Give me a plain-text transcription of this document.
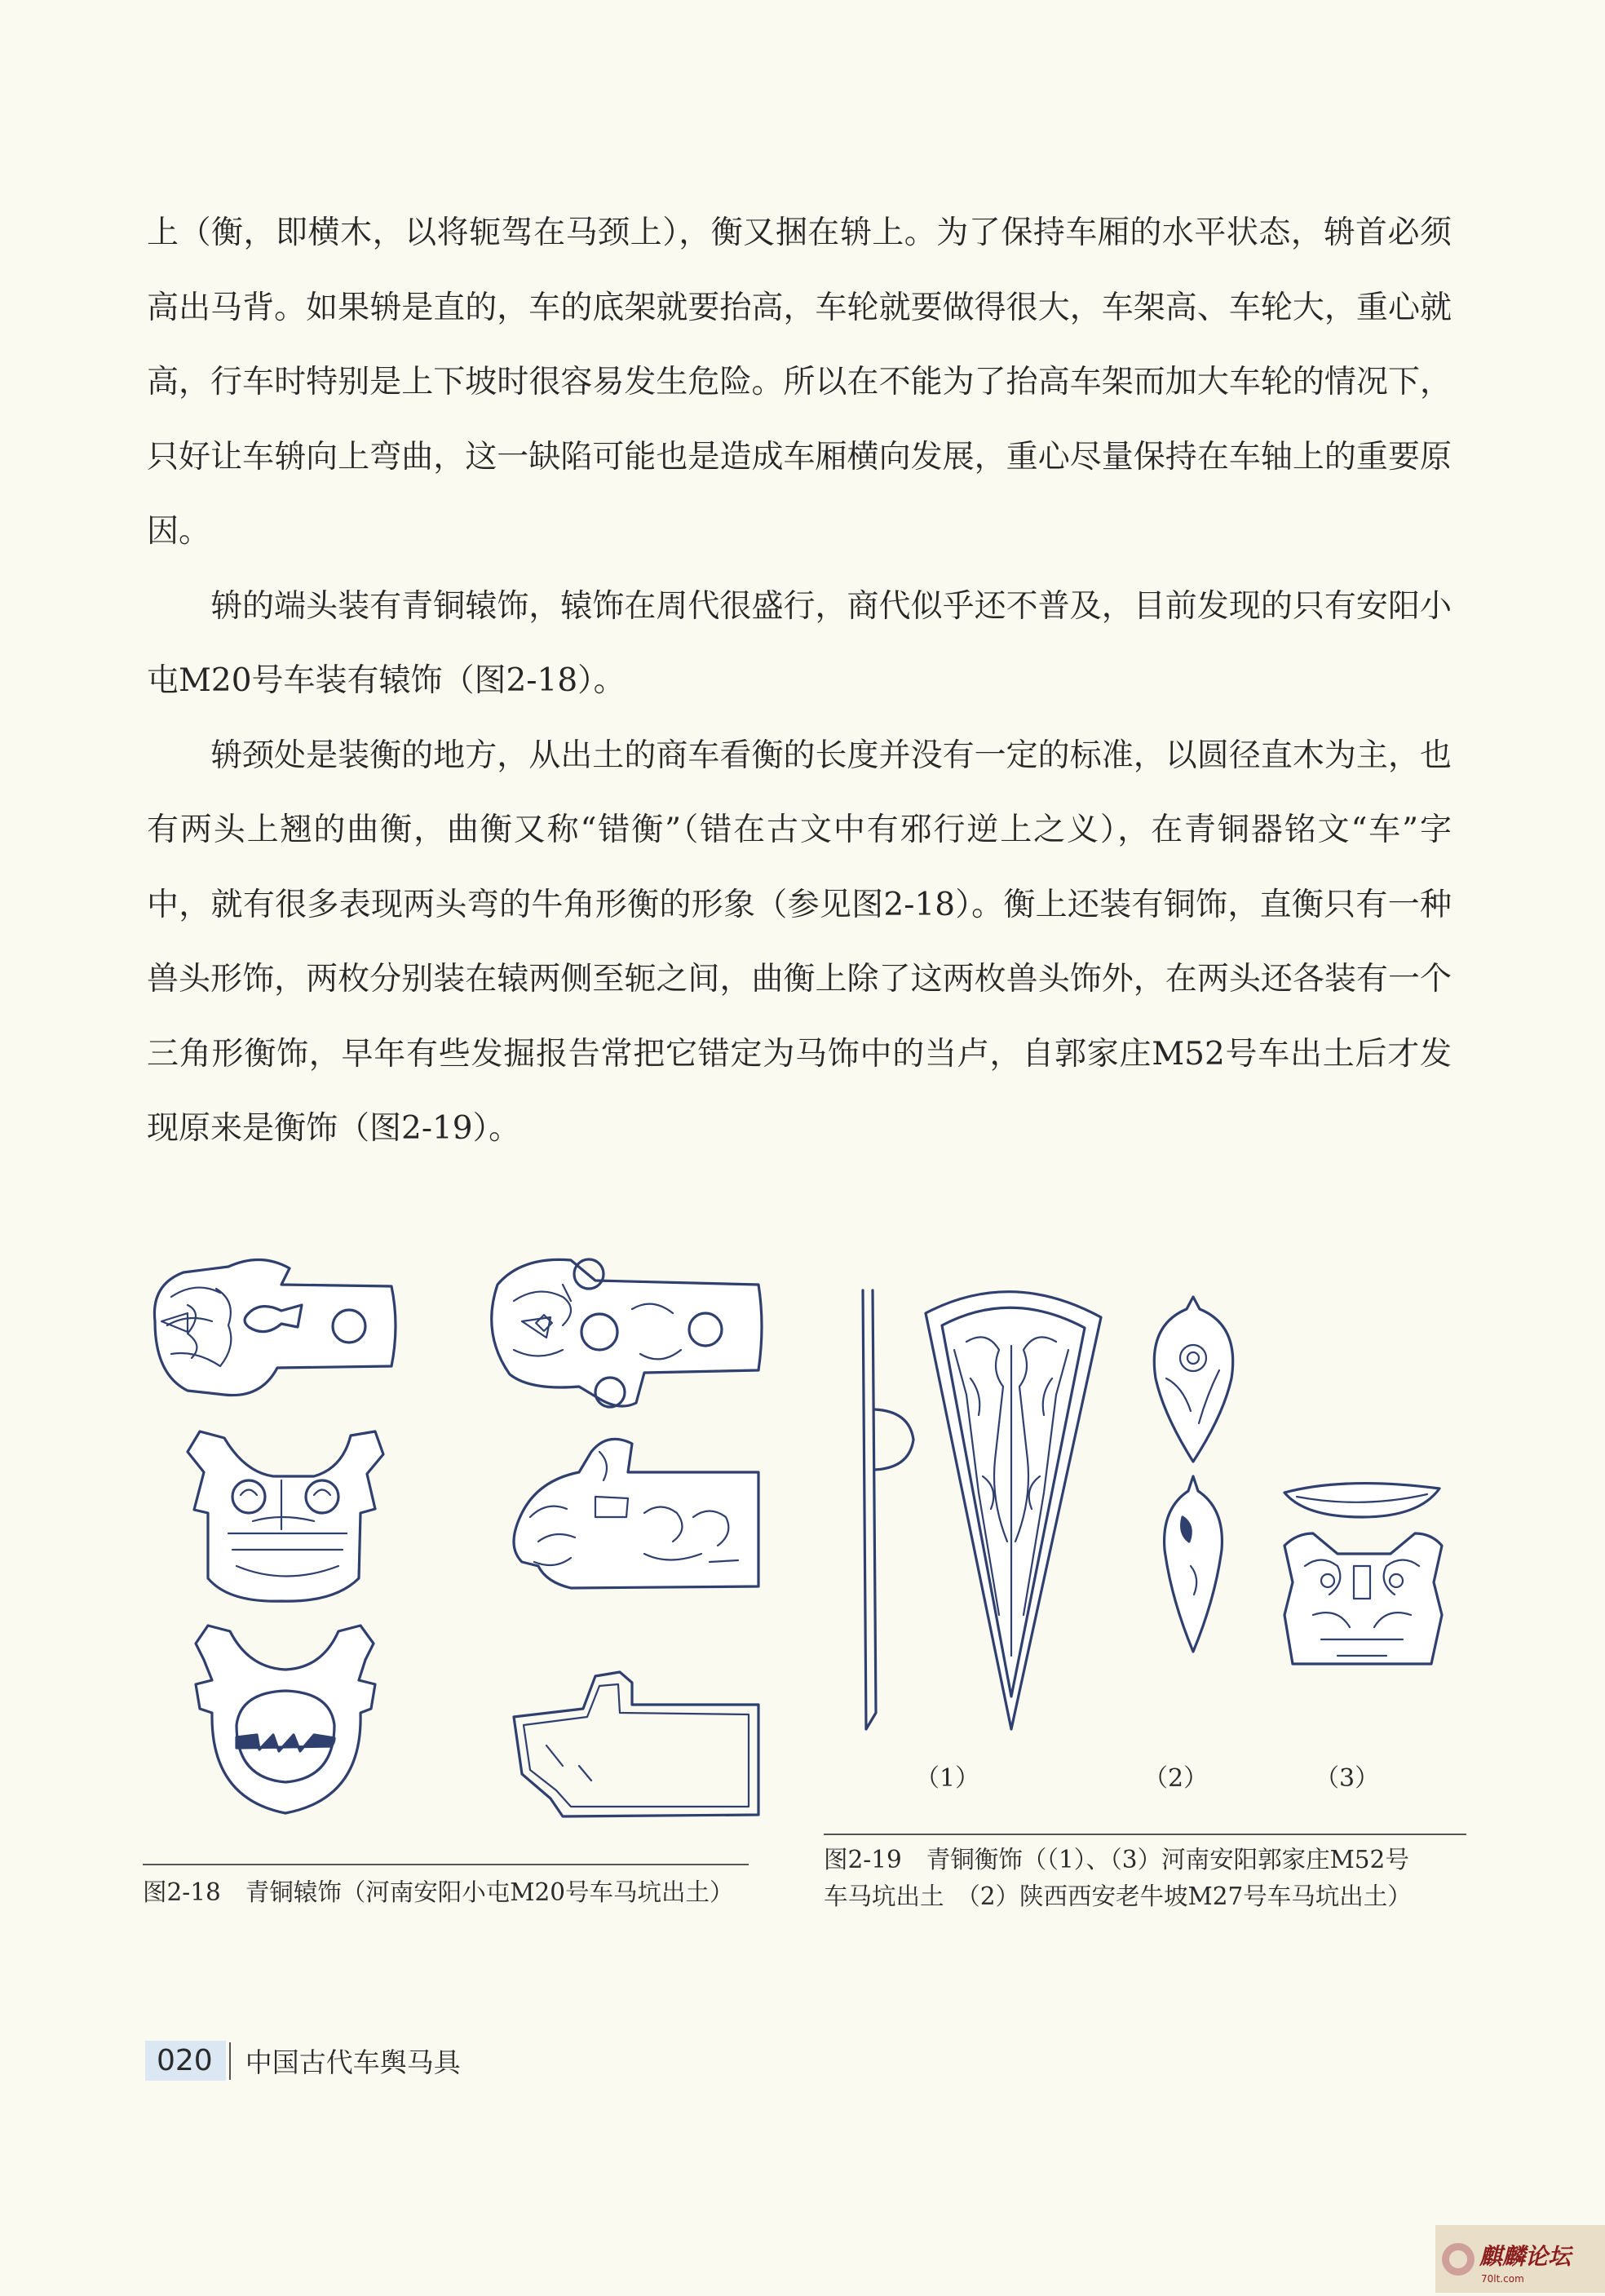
上（衡，即横木，以将轭驾在马颈上），衡又捆在辀上。为了保持车厢的水平状态，辀首必须高出马背。如果辀是直的，车的底架就要抬高，车轮就要做得很大，车架高、车轮大，重心就高，行车时特别是上下坡时很容易发生危险。所以在不能为了抬高车架而加大车轮的情况下，只好让车辀向上弯曲，这一缺陷可能也是造成车厢横向发展，重心尽量保持在车轴上的重要原因。

辀的端头装有青铜辕饰，辕饰在周代很盛行，商代似乎还不普及，目前发现的只有安阳小屯M20号车装有辕饰（图2-18）。

辀颈处是装衡的地方，从出土的商车看衡的长度并没有一定的标准，以圆径直木为主，也有两头上翘的曲衡，曲衡又称“错衡”（错在古文中有邪行逆上之义），在青铜器铭文“车”字中，就有很多表现两头弯的牛角形衡的形象（参见图2-18）。衡上还装有铜饰，直衡只有一种兽头形饰，两枚分别装在辕两侧至轭之间，曲衡上除了这两枚兽头饰外，在两头还各装有一个三角形衡饰，早年有些发掘报告常把它错定为马饰中的当卢，自郭家庄M52号车出土后才发现原来是衡饰（图2-19）。

图2-18 青铜辕饰（河南安阳小屯M20号车马坑出土）

（1）	（2）	（3）

图2-19 青铜衡饰（（1）、（3）河南安阳郭家庄M52号
车马坑出土　（2）陕西西安老牛坡M27号车马坑出土）

020	中国古代车舆马具
麒麟论坛
70lt.com
